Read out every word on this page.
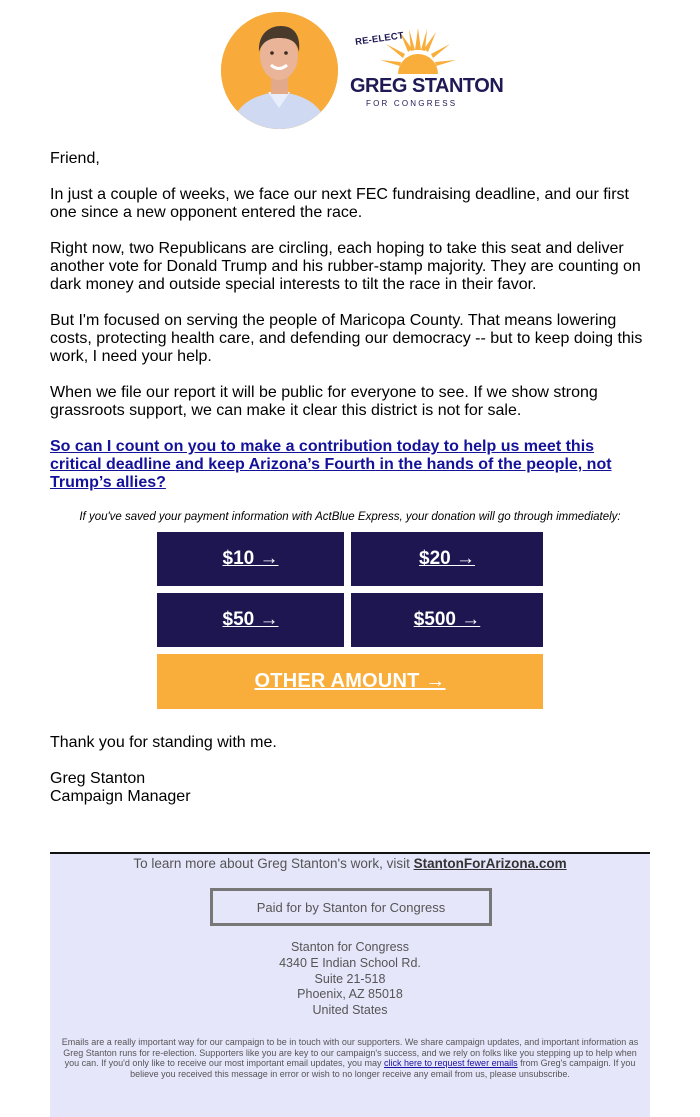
RE-ELECT
GREG STANTON
FOR CONGRESS

Friend,

In just a couple of weeks, we face our next FEC fundraising deadline, and our first one since a new opponent entered the race.

Right now, two Republicans are circling, each hoping to take this seat and deliver another vote for Donald Trump and his rubber-stamp majority. They are counting on dark money and outside special interests to tilt the race in their favor.

But I'm focused on serving the people of Maricopa County. That means lowering costs, protecting health care, and defending our democracy -- but to keep doing this work, I need your help.

When we file our report it will be public for everyone to see. If we show strong grassroots support, we can make it clear this district is not for sale.

So can I count on you to make a contribution today to help us meet this critical deadline and keep Arizona’s Fourth in the hands of the people, not Trump’s allies?

If you've saved your payment information with ActBlue Express, your donation will go through immediately:
$10 →	$20 →
$50 →	$500 →
OTHER AMOUNT →

Thank you for standing with me.

Greg Stanton
Campaign Manager
To learn more about Greg Stanton's work, visit StantonForArizona.com
Paid for by Stanton for Congress
Stanton for Congress
4340 E Indian School Rd.
Suite 21-518
Phoenix, AZ 85018
United States
Emails are a really important way for our campaign to be in touch with our supporters. We share campaign updates, and important information as Greg Stanton runs for re-election. Supporters like you are key to our campaign's success, and we rely on folks like you stepping up to help when you can. If you'd only like to receive our most important email updates, you may click here to request fewer emails from Greg's campaign. If you believe you received this message in error or wish to no longer receive any email from us, please unsubscribe.
